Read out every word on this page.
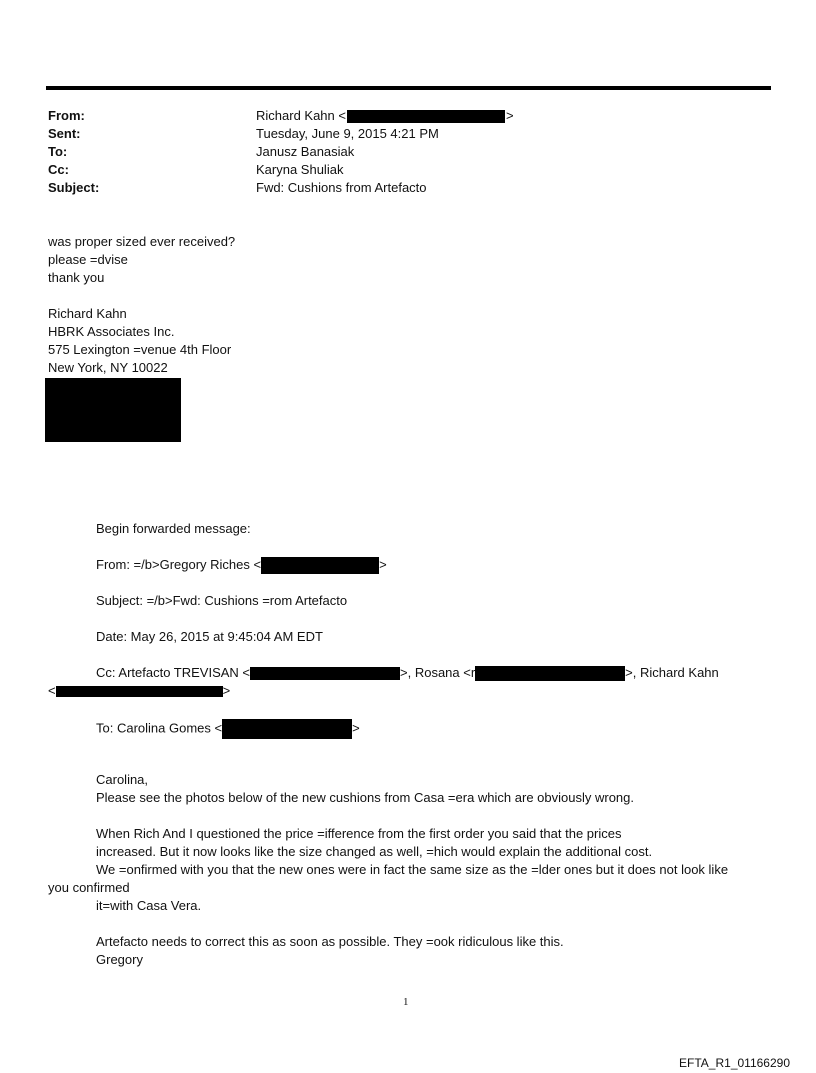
From:	Richard Kahn <	>
Sent:	Tuesday, June 9, 2015 4:21 PM
To:	Janusz Banasiak
Cc:	Karyna Shuliak
Subject:	Fwd: Cushions from Artefacto
was proper sized ever received?
please =dvise
thank you
Richard Kahn
HBRK Associates Inc.
575 Lexington =venue 4th Floor
New York, NY 10022
Begin forwarded message:
From: =/b>Gregory Riches <	>
Subject: =/b>Fwd: Cushions =rom Artefacto
Date: May 26, 2015 at 9:45:04 AM EDT
Cc: Artefacto TREVISAN <	>, Rosana <r	>, Richard Kahn
<	>
To: Carolina Gomes <	>
Carolina,
Please see the photos below of the new cushions from Casa =era which are obviously wrong.
When Rich And I questioned the price =ifference from the first order you said that the prices
increased. But it now looks like the size changed as well, =hich would explain the additional cost.
We =onfirmed with you that the new ones were in fact the same size as the =lder ones but it does not look like
you confirmed
it=with Casa Vera.
Artefacto needs to correct this as soon as possible. They =ook ridiculous like this.
Gregory
1
EFTA_R1_01166290
